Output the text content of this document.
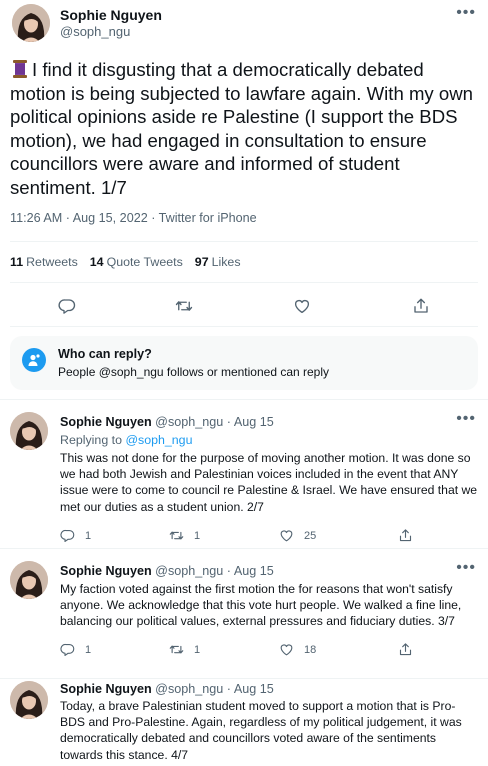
Sophie Nguyen
@soph_ngu
•••
I find it disgusting that a democratically debated motion is being subjected to lawfare again. With my own political opinions aside re Palestine (I support the BDS motion), we had engaged in consultation to ensure councillors were aware and informed of student sentiment. 1/7
11:26 AM · Aug 15, 2022 · Twitter for iPhone
11 Retweets 14 Quote Tweets 97 Likes
Who can reply?
People @soph_ngu follows or mentioned can reply
Sophie Nguyen @soph_ngu · Aug 15	•••
Replying to @soph_ngu
This was not done for the purpose of moving another motion. It was done so we had both Jewish and Palestinian voices included in the event that ANY issue were to come to council re Palestine & Israel. We have ensured that we met our duties as a student union. 2/7
1	1	25
Sophie Nguyen @soph_ngu · Aug 15	•••
My faction voted against the first motion the for reasons that won't satisfy anyone. We acknowledge that this vote hurt people. We walked a fine line, balancing our political values, external pressures and fiduciary duties. 3/7
1	1	18
Sophie Nguyen @soph_ngu · Aug 15
Today, a brave Palestinian student moved to support a motion that is Pro-BDS and Pro-Palestine. Again, regardless of my political judgement, it was democratically debated and councillors voted aware of the sentiments towards this stance. 4/7
